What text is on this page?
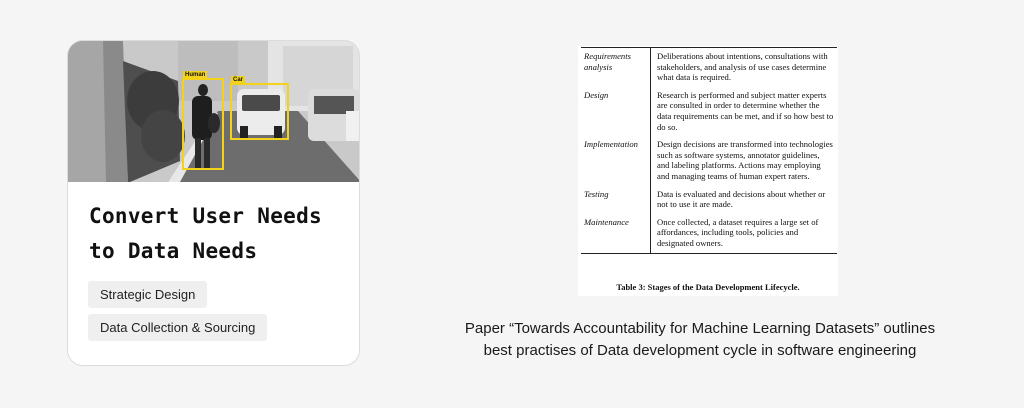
Human
Car
Convert User Needs
to Data Needs
Strategic Design
Data Collection & Sourcing
Requirements
analysis	Deliberations about intentions, consultations with stakeholders, and analysis of use cases determine what data is required.
Design	Research is performed and subject matter experts are consulted in order to determine whether the data requirements can be met, and if so how best to do so.
Implementation	Design decisions are transformed into technologies such as software systems, annotator guidelines, and labeling platforms. Actions may employing and managing teams of human expert raters.
Testing	Data is evaluated and decisions about whether or not to use it are made.
Maintenance	Once collected, a dataset requires a large set of affordances, including tools, policies and designated owners.
Table 3: Stages of the Data Development Lifecycle.
Paper “Towards Accountability for Machine Learning Datasets” outlines
best practises of Data development cycle in software engineering
